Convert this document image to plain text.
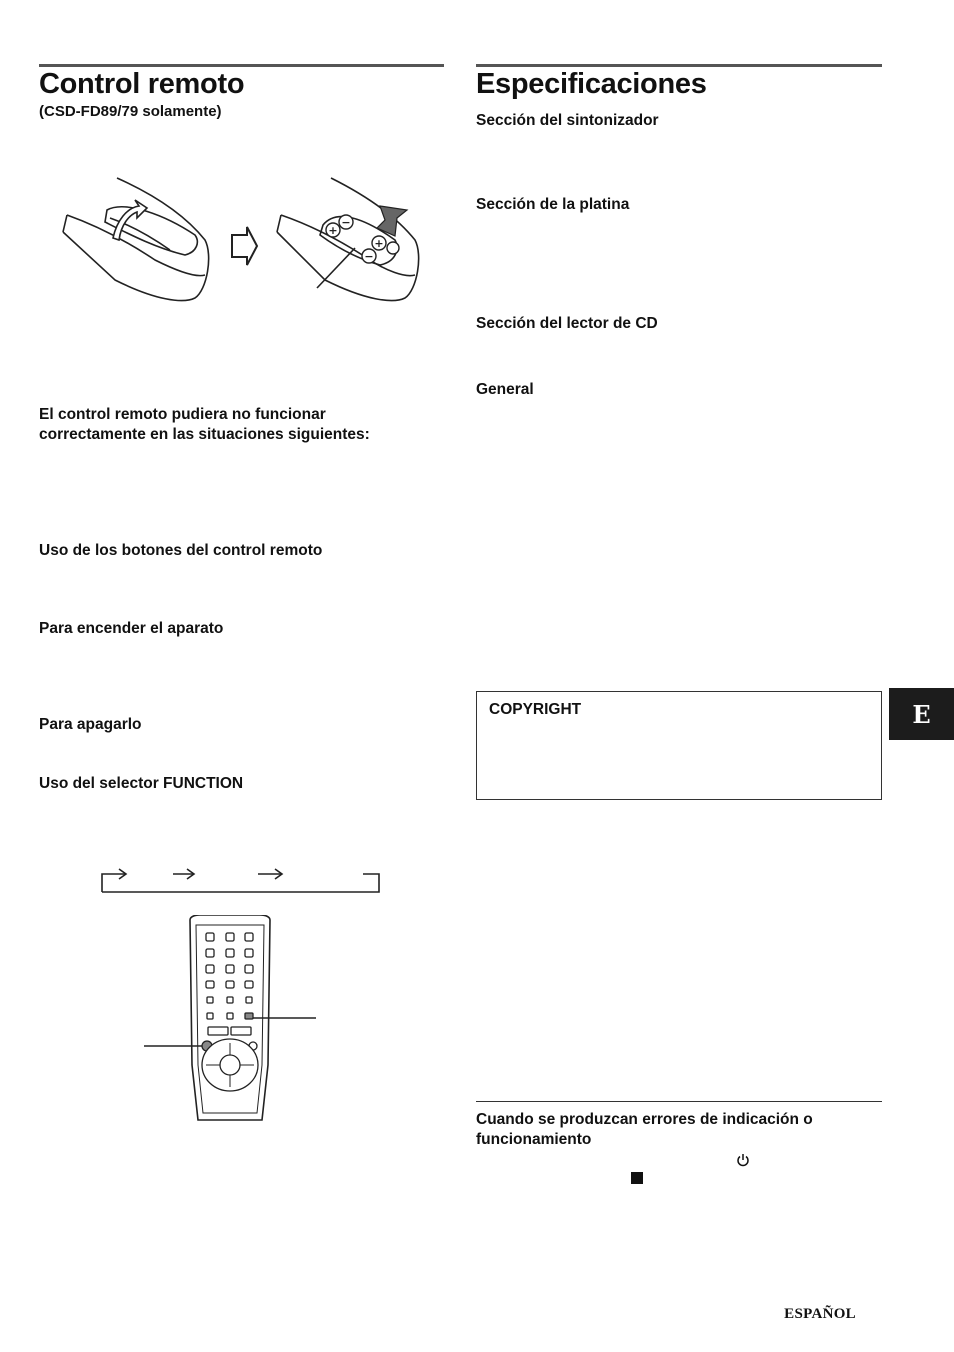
Control remoto
(CSD-FD89/79 solamente)
+
−
+
−
El control remoto pudiera no funcionar correctamente en las situaciones siguientes:
Uso de los botones del control remoto
Para encender el aparato
Para apagarlo
Uso del selector FUNCTION
Especificaciones
Sección del sintonizador
Sección de la platina
Sección del lector de CD
General
COPYRIGHT
Cuando se produzcan errores de indicación o funcionamiento
E
ESPAÑOL
